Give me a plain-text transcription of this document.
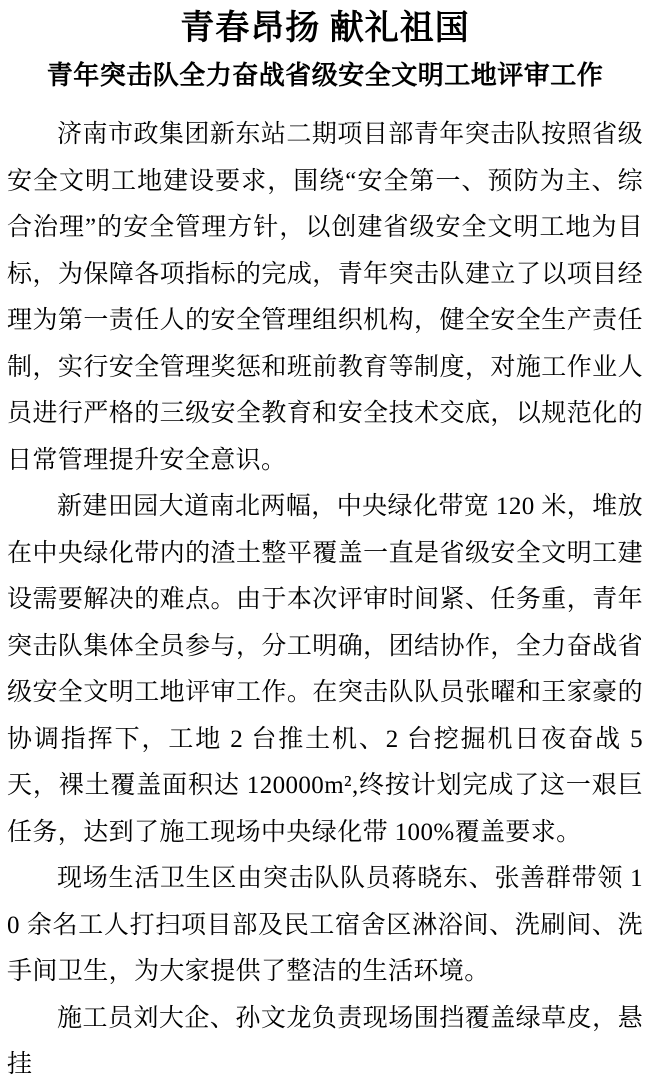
青春昂扬 献礼祖国
青年突击队全力奋战省级安全文明工地评审工作

济南市政集团新东站二期项目部青年突击队按照省级安全文明工地建设要求，围绕“安全第一、预防为主、综合治理”的安全管理方针，以创建省级安全文明工地为目标，为保障各项指标的完成，青年突击队建立了以项目经理为第一责任人的安全管理组织机构，健全安全生产责任制，实行安全管理奖惩和班前教育等制度，对施工作业人员进行严格的三级安全教育和安全技术交底，以规范化的日常管理提升安全意识。

新建田园大道南北两幅，中央绿化带宽 120 米，堆放在中央绿化带内的渣土整平覆盖一直是省级安全文明工建设需要解决的难点。由于本次评审时间紧、任务重，青年突击队集体全员参与，分工明确，团结协作，全力奋战省级安全文明工地评审工作。在突击队队员张曜和王家豪的协调指挥下，工地 2 台推土机、2 台挖掘机日夜奋战 5 天，裸土覆盖面积达 120000m²,终按计划完成了这一艰巨任务，达到了施工现场中央绿化带 100%覆盖要求。

现场生活卫生区由突击队队员蒋晓东、张善群带领 10 余名工人打扫项目部及民工宿舍区淋浴间、洗刷间、洗手间卫生，为大家提供了整洁的生活环境。

施工员刘大企、孙文龙负责现场围挡覆盖绿草皮，悬挂
